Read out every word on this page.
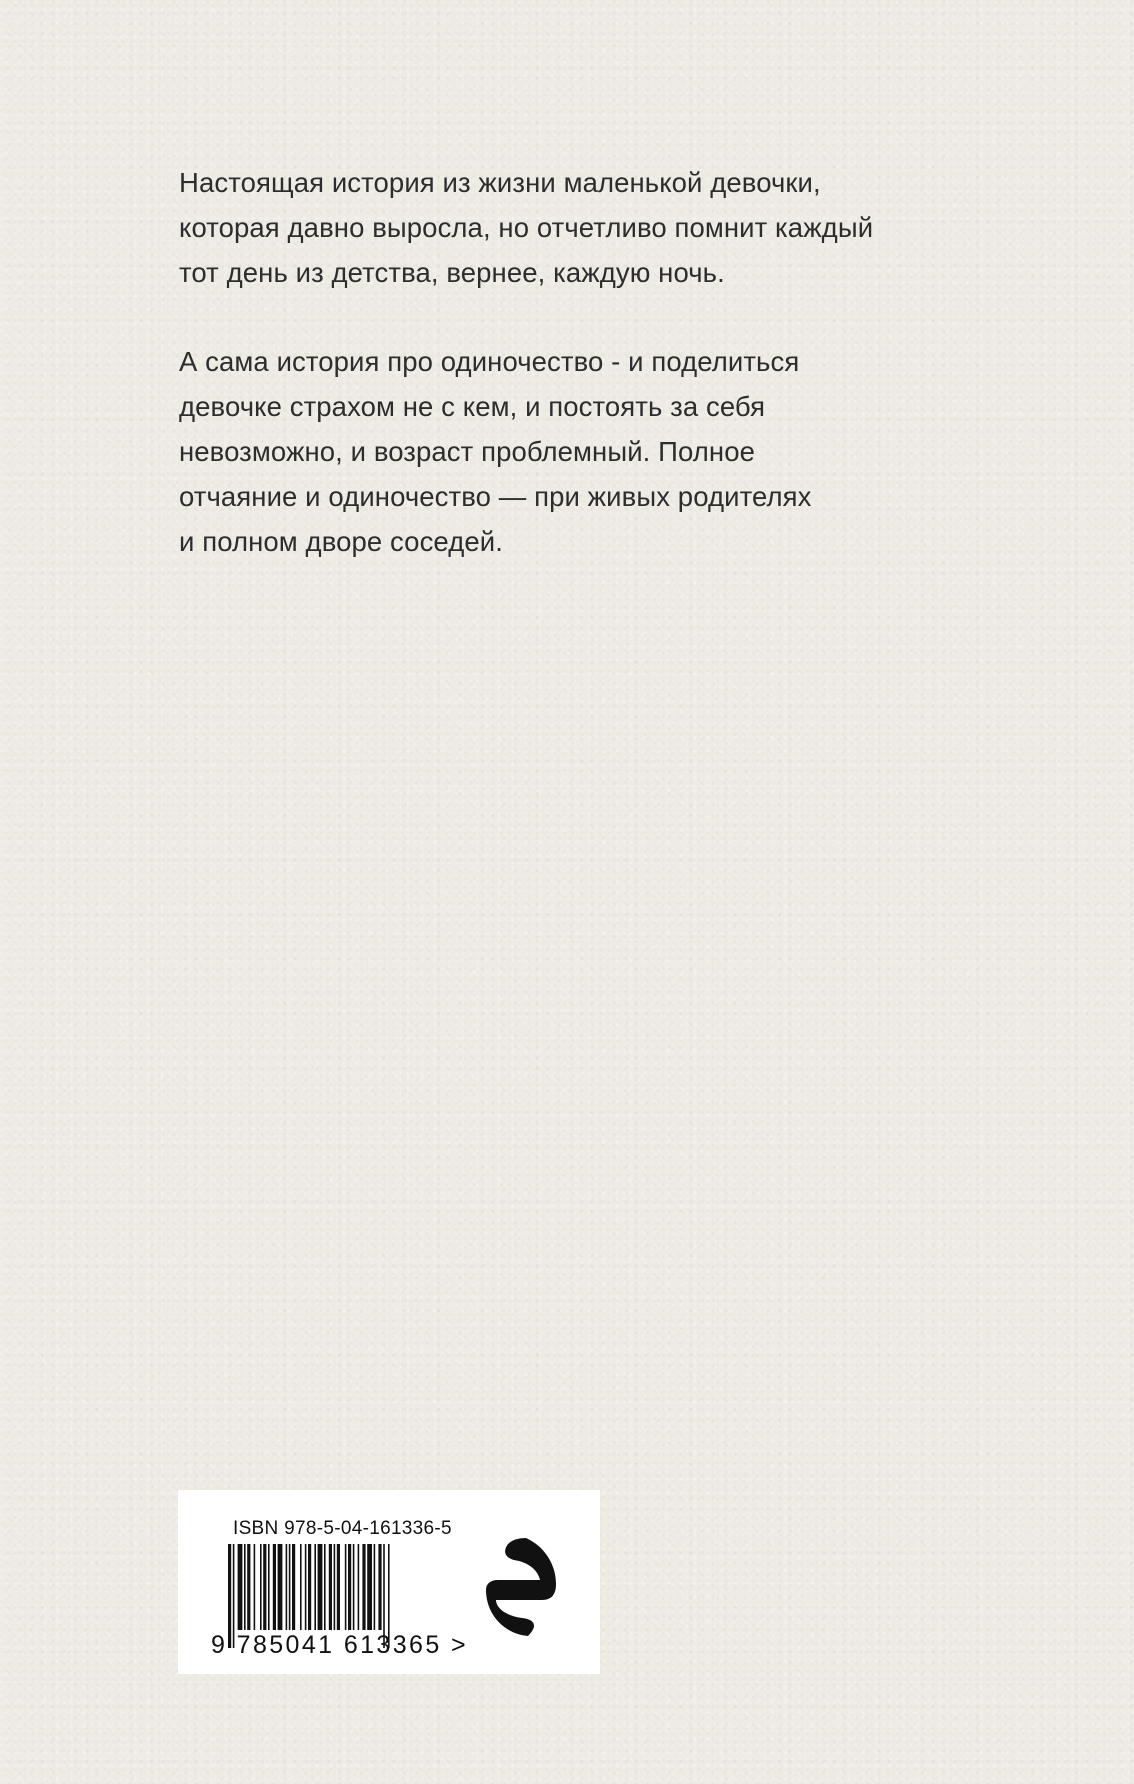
Настоящая история из жизни маленькой девочки,
которая давно выросла, но отчетливо помнит каждый
тот день из детства, вернее, каждую ночь.

А сама история про одиночество - и поделиться
девочке страхом не с кем, и постоять за себя
невозможно, и возраст проблемный. Полное
отчаяние и одиночество — при живых родителях
и полном дворе соседей.

ISBN 978-5-04-161336-5
9 785041 613365 >
